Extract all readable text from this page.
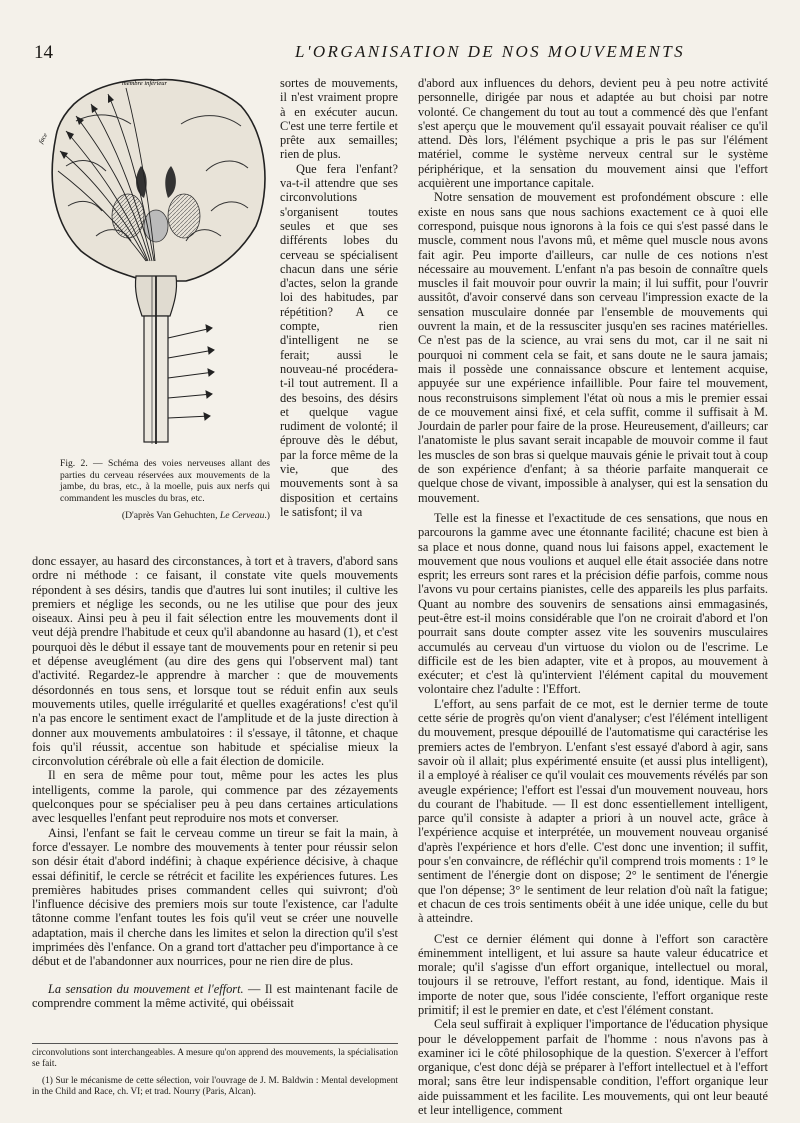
14	L'ORGANISATION DE NOS MOUVEMENTS
membre inférieur
face
Fig. 2. — Schéma des voies nerveuses allant des parties du cerveau réservées aux mouvements de la jambe, du bras, etc., à la moelle, puis aux nerfs qui commandent les muscles du bras, etc.
(D'après Van Gehuchten, Le Cerveau.)

sortes de mouvements, il n'est vraiment propre à en exécuter aucun. C'est une terre fertile et prête aux semailles; rien de plus.

Que fera l'enfant? va-t-il attendre que ses circonvolutions s'organisent toutes seules et que ses différents lobes du cerveau se spécialisent chacun dans une série d'actes, selon la grande loi des habitudes, par répétition? A ce compte, rien d'intelligent ne se ferait; aussi le nouveau-né procédera-t-il tout autrement. Il a des besoins, des désirs et quelque vague rudiment de volonté; il éprouve dès le début, par la force même de la vie, que des mouvements sont à sa disposition et certains le satisfont; il va

donc essayer, au hasard des circonstances, à tort et à travers, d'abord sans ordre ni méthode : ce faisant, il constate vite quels mouvements répondent à ses désirs, tandis que d'autres lui sont inutiles; il cultive les premiers et néglige les seconds, ou ne les utilise que pour des jeux oiseaux. Ainsi peu à peu il fait sélection entre les mouvements dont il veut déjà prendre l'habitude et ceux qu'il abandonne au hasard (1), et c'est pourquoi dès le début il essaye tant de mouvements pour en retenir si peu et dépense aveuglément (au dire des gens qui l'observent mal) tant d'activité. Regardez-le apprendre à marcher : que de mouvements désordonnés en tous sens, et lorsque tout se réduit enfin aux seuls mouvements utiles, quelle irrégularité et quelles exagérations! c'est qu'il n'a pas encore le sentiment exact de l'amplitude et de la juste direction à donner aux mouvements ambulatoires : il s'essaye, il tâtonne, et chaque fois qu'il réussit, accentue son habitude et spécialise mieux la circonvolution cérébrale où elle a fait élection de domicile.

Il en sera de même pour tout, même pour les actes les plus intelligents, comme la parole, qui commence par des zézayements quelconques pour se spécialiser peu à peu dans certaines articulations avec lesquelles l'enfant peut reproduire nos mots et converser.

Ainsi, l'enfant se fait le cerveau comme un tireur se fait la main, à force d'essayer. Le nombre des mouvements à tenter pour réussir selon son désir était d'abord indéfini; à chaque expérience décisive, à chaque essai définitif, le cercle se rétrécit et facilite les expériences futures. Les premières habitudes prises commandent celles qui suivront; d'où l'influence décisive des premiers mois sur toute l'existence, car l'adulte tâtonne comme l'enfant toutes les fois qu'il veut se créer une nouvelle adaptation, mais il cherche dans les limites et selon la direction qu'il s'est imprimées dès l'enfance. On a grand tort d'attacher peu d'importance à ce début et de l'abandonner aux nourrices, pour ne rien dire de plus.

La sensation du mouvement et l'effort. — Il est maintenant facile de comprendre comment la même activité, qui obéissait

circonvolutions sont interchangeables. A mesure qu'on apprend des mouvements, la spécialisation se fait.

(1) Sur le mécanisme de cette sélection, voir l'ouvrage de J. M. Baldwin : Mental development in the Child and Race, ch. VI; et trad. Nourry (Paris, Alcan).

d'abord aux influences du dehors, devient peu à peu notre activité personnelle, dirigée par nous et adaptée au but choisi par notre volonté. Ce changement du tout au tout a commencé dès que l'enfant s'est aperçu que le mouvement qu'il essayait pouvait réaliser ce qu'il attend. Dès lors, l'élément psychique a pris le pas sur l'élément matériel, comme le système nerveux central sur le système périphérique, et la sensation du mouvement ainsi que l'effort acquièrent une importance capitale.

Notre sensation de mouvement est profondément obscure : elle existe en nous sans que nous sachions exactement ce à quoi elle correspond, puisque nous ignorons à la fois ce qui s'est passé dans le muscle, comment nous l'avons mû, et même quel muscle nous avons fait agir. Peu importe d'ailleurs, car nulle de ces notions n'est nécessaire au mouvement. L'enfant n'a pas besoin de connaître quels muscles il fait mouvoir pour ouvrir la main; il lui suffit, pour l'ouvrir aussitôt, d'avoir conservé dans son cerveau l'impression exacte de la sensation musculaire donnée par l'ensemble de mouvements qui ouvrent la main, et de la ressusciter jusqu'en ses racines matérielles. Ce n'est pas de la science, au vrai sens du mot, car il ne sait ni pourquoi ni comment cela se fait, et sans doute ne le saura jamais; mais il possède une connaissance obscure et lentement acquise, appuyée sur une expérience infaillible. Pour faire tel mouvement, nous reconstruisons simplement l'état où nous a mis le premier essai de ce mouvement ainsi fixé, et cela suffit, comme il suffisait à M. Jourdain de parler pour faire de la prose. Heureusement, d'ailleurs; car l'anatomiste le plus savant serait incapable de mouvoir comme il faut les muscles de son bras si quelque mauvais génie le privait tout à coup de son expérience d'enfant; à sa théorie parfaite manquerait ce quelque chose de vivant, impossible à analyser, qui est la sensation du mouvement.

Telle est la finesse et l'exactitude de ces sensations, que nous en parcourons la gamme avec une étonnante facilité; chacune est bien à sa place et nous donne, quand nous lui faisons appel, exactement le mouvement que nous voulions et auquel elle était associée dans notre esprit; les erreurs sont rares et la précision défie parfois, comme nous l'avons vu pour certains pianistes, celle des appareils les plus parfaits. Quant au nombre des souvenirs de sensations ainsi emmagasinés, peut-être est-il moins considérable que l'on ne croirait d'abord et l'on pourrait sans doute compter assez vite les souvenirs musculaires accumulés au cerveau d'un virtuose du violon ou de l'escrime. Le difficile est de les bien adapter, vite et à propos, au mouvement à exécuter; et c'est là qu'intervient l'élément capital du mouvement volontaire chez l'adulte : l'Effort.

L'effort, au sens parfait de ce mot, est le dernier terme de toute cette série de progrès qu'on vient d'analyser; c'est l'élément intelligent du mouvement, presque dépouillé de l'automatisme qui caractérise les premiers actes de l'embryon. L'enfant s'est essayé d'abord à agir, sans savoir où il allait; plus expérimenté ensuite (et aussi plus intelligent), il a employé à réaliser ce qu'il voulait ces mouvements révélés par son aveugle expérience; l'effort est l'essai d'un mouvement nouveau, hors du courant de l'habitude. — Il est donc essentiellement intelligent, parce qu'il consiste à adapter a priori à un nouvel acte, grâce à l'expérience acquise et interprétée, un mouvement nouveau organisé d'après l'expérience et hors d'elle. C'est donc une invention; il suffit, pour s'en convaincre, de réfléchir qu'il comprend trois moments : 1° le sentiment de l'énergie dont on dispose; 2° le sentiment de l'énergie que l'on dépense; 3° le sentiment de leur relation d'où naît la fatigue; et chacun de ces trois sentiments obéit à une idée unique, celle du but à atteindre.

C'est ce dernier élément qui donne à l'effort son caractère éminemment intelligent, et lui assure sa haute valeur éducatrice et morale; qu'il s'agisse d'un effort organique, intellectuel ou moral, toujours il se retrouve, l'effort restant, au fond, identique. Mais il importe de noter que, sous l'idée consciente, l'effort organique reste primitif; il est le premier en date, et c'est l'élément constant.

Cela seul suffirait à expliquer l'importance de l'éducation physique pour le développement parfait de l'homme : nous n'avons pas à examiner ici le côté philosophique de la question. S'exercer à l'effort organique, c'est donc déjà se préparer à l'effort intellectuel et à l'effort moral; sans être leur indispensable condition, l'effort organique leur aide puissamment et les facilite. Les mouvements, qui ont leur beauté et leur intelligence, comment
